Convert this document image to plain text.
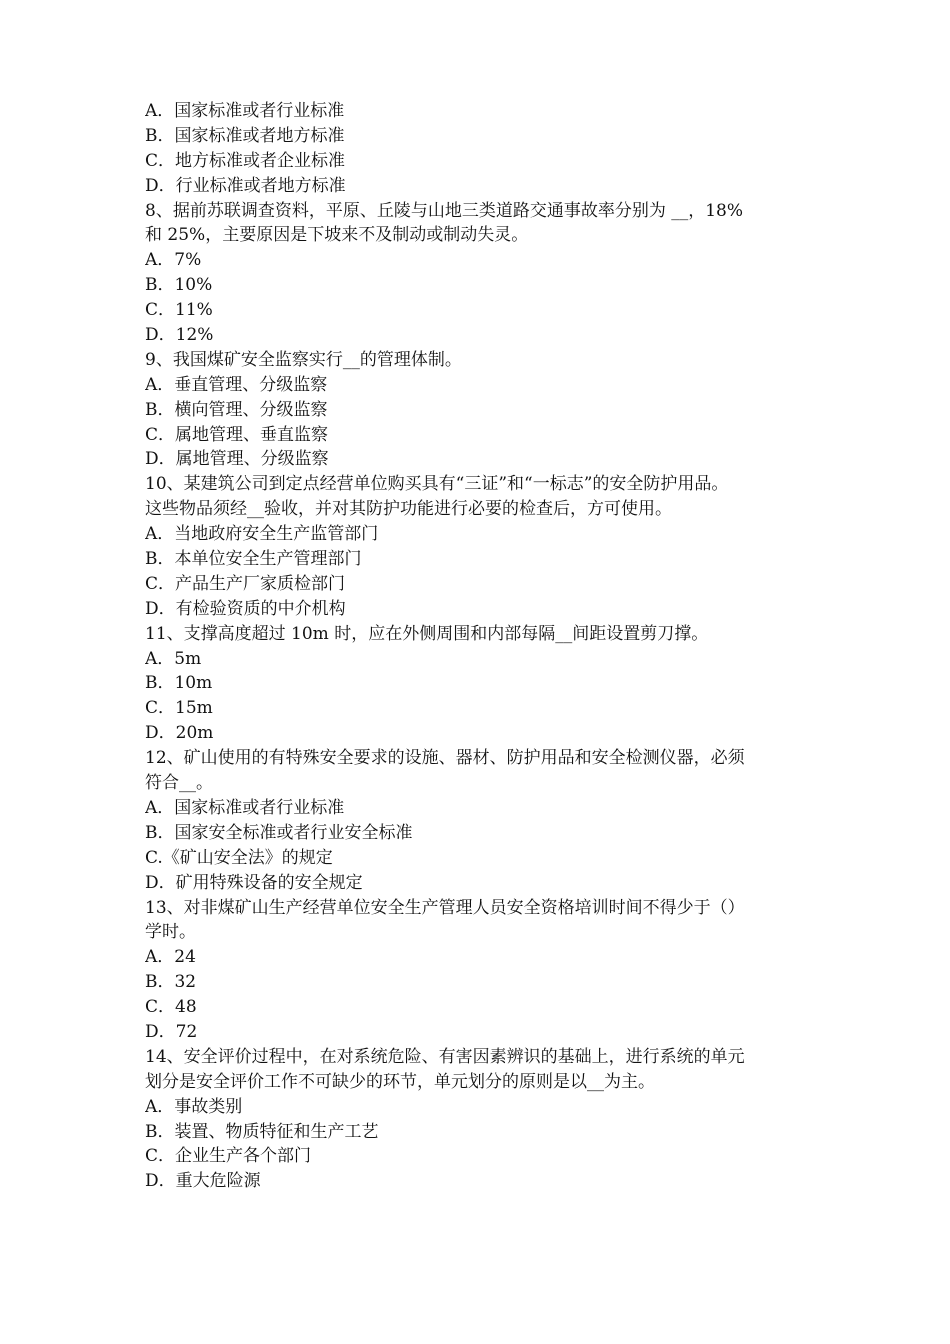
A．国家标准或者行业标准
B．国家标准或者地方标准
C．地方标准或者企业标准
D．行业标准或者地方标准
8、据前苏联调查资料，平原、丘陵与山地三类道路交通事故率分别为 __，18%
和 25%，主要原因是下坡来不及制动或制动失灵。
A．7%
B．10%
C．11%
D．12%
9、我国煤矿安全监察实行__的管理体制。
A．垂直管理、分级监察
B．横向管理、分级监察
C．属地管理、垂直监察
D．属地管理、分级监察
10、某建筑公司到定点经营单位购买具有“三证”和“一标志”的安全防护用品。
这些物品须经__验收，并对其防护功能进行必要的检查后，方可使用。
A．当地政府安全生产监管部门
B．本单位安全生产管理部门
C．产品生产厂家质检部门
D．有检验资质的中介机构
11、支撑高度超过 10m 时，应在外侧周围和内部每隔__间距设置剪刀撑。
A．5m
B．10m
C．15m
D．20m
12、矿山使用的有特殊安全要求的设施、器材、防护用品和安全检测仪器，必须
符合__。
A．国家标准或者行业标准
B．国家安全标准或者行业安全标准
C.《矿山安全法》的规定
D．矿用特殊设备的安全规定
13、对非煤矿山生产经营单位安全生产管理人员安全资格培训时间不得少于（）
学时。
A．24
B．32
C．48
D．72
14、安全评价过程中，在对系统危险、有害因素辨识的基础上，进行系统的单元
划分是安全评价工作不可缺少的环节，单元划分的原则是以__为主。
A．事故类别
B．装置、物质特征和生产工艺
C．企业生产各个部门
D．重大危险源
